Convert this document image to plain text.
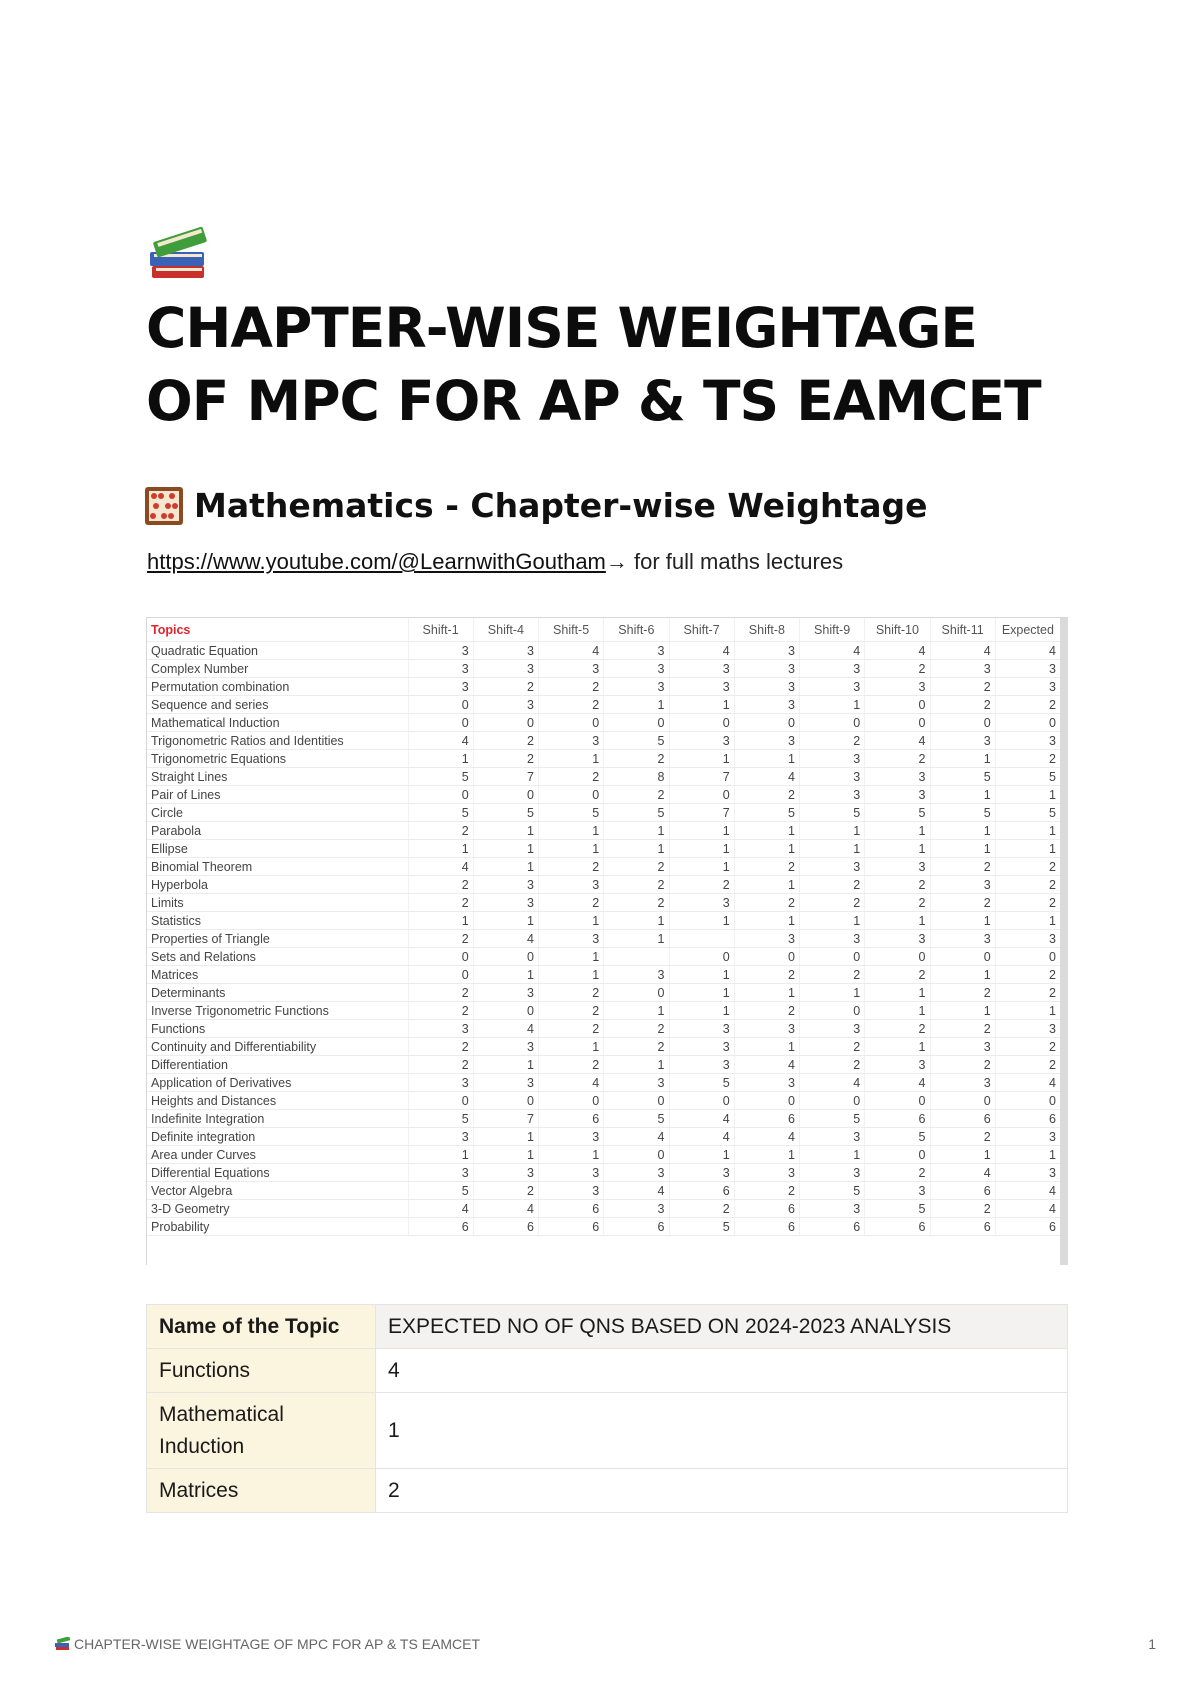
CHAPTER-WISE WEIGHTAGE OF MPC FOR AP & TS EAMCET
Mathematics - Chapter-wise Weightage
https://www.youtube.com/@LearnwithGoutham→ for full maths lectures
Topics	Shift-1	Shift-4	Shift-5	Shift-6	Shift-7	Shift-8	Shift-9	Shift-10	Shift-11	Expected
Quadratic Equation	3	3	4	3	4	3	4	4	4	4
Complex Number	3	3	3	3	3	3	3	2	3	3
Permutation combination	3	2	2	3	3	3	3	3	2	3
Sequence and series	0	3	2	1	1	3	1	0	2	2
Mathematical Induction	0	0	0	0	0	0	0	0	0	0
Trigonometric Ratios and Identities	4	2	3	5	3	3	2	4	3	3
Trigonometric Equations	1	2	1	2	1	1	3	2	1	2
Straight Lines	5	7	2	8	7	4	3	3	5	5
Pair of Lines	0	0	0	2	0	2	3	3	1	1
Circle	5	5	5	5	7	5	5	5	5	5
Parabola	2	1	1	1	1	1	1	1	1	1
Ellipse	1	1	1	1	1	1	1	1	1	1
Binomial Theorem	4	1	2	2	1	2	3	3	2	2
Hyperbola	2	3	3	2	2	1	2	2	3	2
Limits	2	3	2	2	3	2	2	2	2	2
Statistics	1	1	1	1	1	1	1	1	1	1
Properties of Triangle	2	4	3	1		3	3	3	3	3
Sets and Relations	0	0	1		0	0	0	0	0	0
Matrices	0	1	1	3	1	2	2	2	1	2
Determinants	2	3	2	0	1	1	1	1	2	2
Inverse Trigonometric Functions	2	0	2	1	1	2	0	1	1	1
Functions	3	4	2	2	3	3	3	2	2	3
Continuity and Differentiability	2	3	1	2	3	1	2	1	3	2
Differentiation	2	1	2	1	3	4	2	3	2	2
Application of Derivatives	3	3	4	3	5	3	4	4	3	4
Heights and Distances	0	0	0	0	0	0	0	0	0	0
Indefinite Integration	5	7	6	5	4	6	5	6	6	6
Definite integration	3	1	3	4	4	4	3	5	2	3
Area under Curves	1	1	1	0	1	1	1	0	1	1
Differential Equations	3	3	3	3	3	3	3	2	4	3
Vector Algebra	5	2	3	4	6	2	5	3	6	4
3-D Geometry	4	4	6	3	2	6	3	5	2	4
Probability	6	6	6	6	5	6	6	6	6	6
Name of the Topic	EXPECTED NO OF QNS BASED ON 2024-2023 ANALYSIS
Functions	4
Mathematical Induction	1
Matrices	2
CHAPTER-WISE WEIGHTAGE OF MPC FOR AP & TS EAMCET	1
